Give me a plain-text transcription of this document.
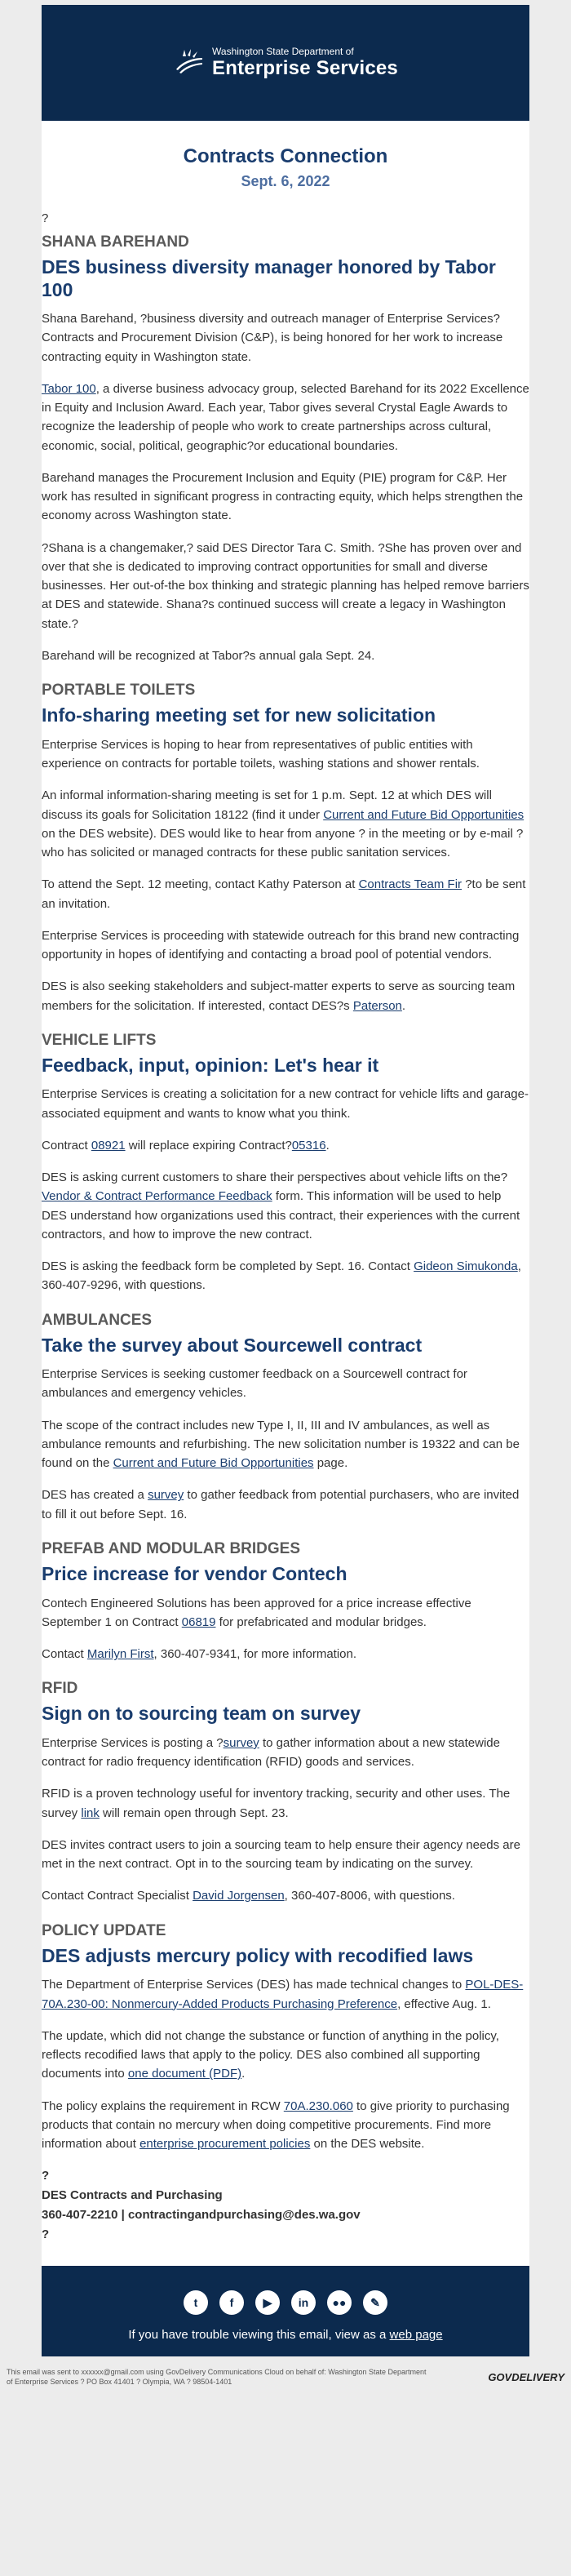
Washington State Department of
Enterprise Services
Contracts Connection
Sept. 6, 2022
?
SHANA BAREHAND
DES business diversity manager honored by Tabor 100

Shana Barehand, ?business diversity and outreach manager of Enterprise Services? Contracts and Procurement Division (C&P), is being honored for her work to increase contracting equity in Washington state.

Tabor 100, a diverse business advocacy group, selected Barehand for its 2022 Excellence in Equity and Inclusion Award. Each year, Tabor gives several Crystal Eagle Awards to recognize the leadership of people who work to create partnerships across cultural, economic, social, political, geographic?or educational boundaries.

Barehand manages the Procurement Inclusion and Equity (PIE) program for C&P. Her work has resulted in significant progress in contracting equity, which helps strengthen the economy across Washington state.

?Shana is a changemaker,? said DES Director Tara C. Smith. ?She has proven over and over that she is dedicated to improving contract opportunities for small and diverse businesses. Her out-of-the box thinking and strategic planning has helped remove barriers at DES and statewide. Shana?s continued success will create a legacy in Washington state.?

Barehand will be recognized at Tabor?s annual gala Sept. 24.

PORTABLE TOILETS
Info-sharing meeting set for new solicitation

Enterprise Services is hoping to hear from representatives of public entities with experience on contracts for portable toilets, washing stations and shower rentals.

An informal information-sharing meeting is set for 1 p.m. Sept. 12 at which DES will discuss its goals for Solicitation 18122 (find it under Current and Future Bid Opportunities on the DES website). DES would like to hear from anyone ? in the meeting or by e-mail ? who has solicited or managed contracts for these public sanitation services.

To attend the Sept. 12 meeting, contact Kathy Paterson at Contracts Team Fir ?to be sent an invitation.

Enterprise Services is proceeding with statewide outreach for this brand new contracting opportunity in hopes of identifying and contacting a broad pool of potential vendors.

DES is also seeking stakeholders and subject-matter experts to serve as sourcing team members for the solicitation. If interested, contact DES?s Paterson.

VEHICLE LIFTS
Feedback, input, opinion: Let's hear it

Enterprise Services is creating a solicitation for a new contract for vehicle lifts and garage-associated equipment and wants to know what you think.

Contract 08921 will replace expiring Contract?05316.

DES is asking current customers to share their perspectives about vehicle lifts on the?Vendor & Contract Performance Feedback form. This information will be used to help DES understand how organizations used this contract, their experiences with the current contractors, and how to improve the new contract.

DES is asking the feedback form be completed by Sept. 16. Contact Gideon Simukonda, 360-407-9296, with questions.

AMBULANCES
Take the survey about Sourcewell contract

Enterprise Services is seeking customer feedback on a Sourcewell contract for ambulances and emergency vehicles.

The scope of the contract includes new Type I, II, III and IV ambulances, as well as ambulance remounts and refurbishing. The new solicitation number is 19322 and can be found on the Current and Future Bid Opportunities page.

DES has created a survey to gather feedback from potential purchasers, who are invited to fill it out before Sept. 16.

PREFAB AND MODULAR BRIDGES
Price increase for vendor Contech

Contech Engineered Solutions has been approved for a price increase effective September 1 on Contract 06819 for prefabricated and modular bridges.

Contact Marilyn First, 360-407-9341, for more information.

RFID
Sign on to sourcing team on survey

Enterprise Services is posting a ?survey to gather information about a new statewide contract for radio frequency identification (RFID) goods and services.

RFID is a proven technology useful for inventory tracking, security and other uses. The survey link will remain open through Sept. 23.

DES invites contract users to join a sourcing team to help ensure their agency needs are met in the next contract. Opt in to the sourcing team by indicating on the survey.

Contact Contract Specialist David Jorgensen, 360-407-8006, with questions.

POLICY UPDATE
DES adjusts mercury policy with recodified laws

The Department of Enterprise Services (DES) has made technical changes to POL-DES-70A.230-00: Nonmercury-Added Products Purchasing Preference, effective Aug. 1.

The update, which did not change the substance or function of anything in the policy, reflects recodified laws that apply to the policy. DES also combined all supporting documents into one document (PDF).

The policy explains the requirement in RCW 70A.230.060 to give priority to purchasing products that contain no mercury when doing competitive procurements. Find more information about enterprise procurement policies on the DES website.

?
DES Contracts and Purchasing
360-407-2210 | contractingandpurchasing@des.wa.gov
?
t	f	▶	in	●●	✎
If you have trouble viewing this email, view as a web page
This email was sent to xxxxxx@gmail.com using GovDelivery Communications Cloud on behalf of: Washington State Department of Enterprise Services ? PO Box 41401 ? Olympia, WA ? 98504-1401	GOVDELIVERY
